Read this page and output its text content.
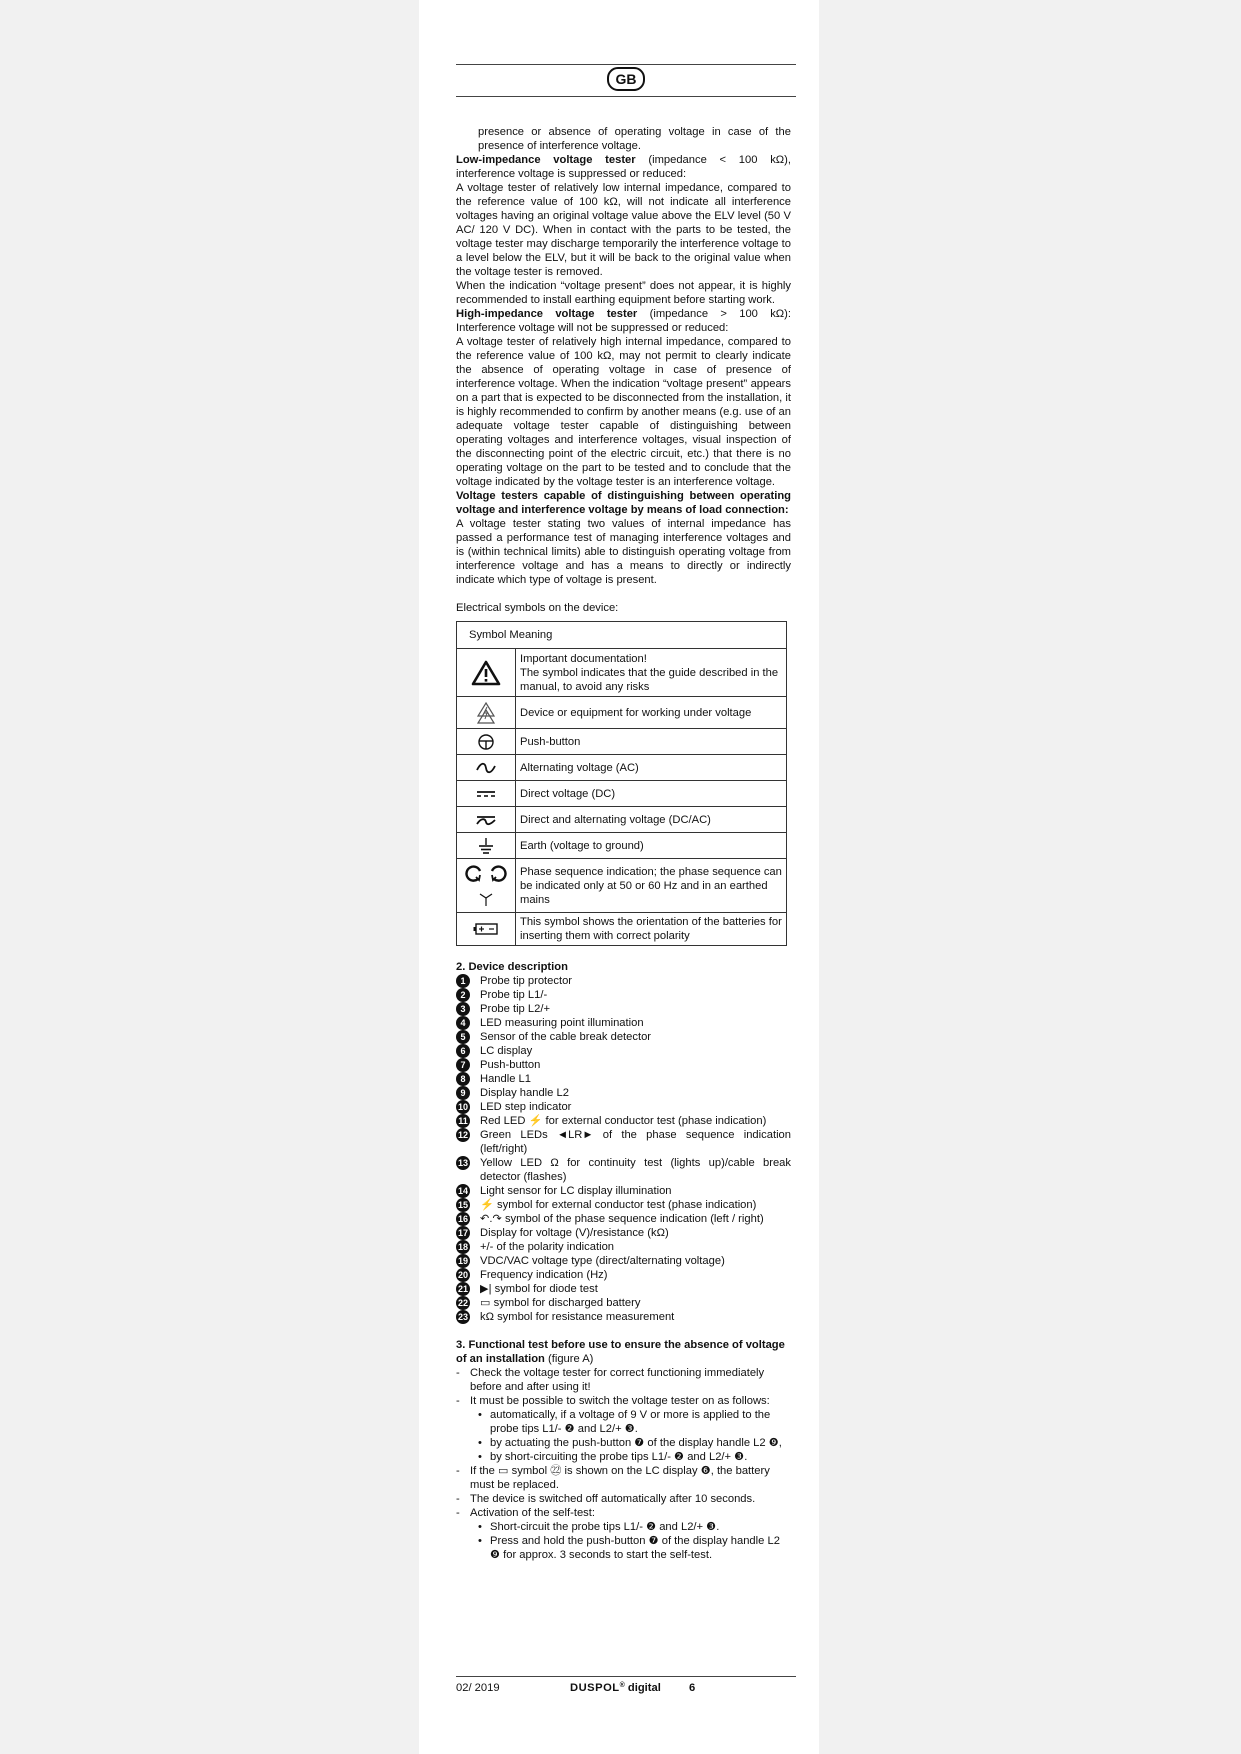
GB

presence or absence of operating voltage in case of the presence of interference voltage.

Low-impedance voltage tester (impedance < 100 kΩ), interference voltage is suppressed or reduced:

A voltage tester of relatively low internal impedance, compared to the reference value of 100 kΩ, will not indicate all interference voltages having an original voltage value above the ELV level (50 V AC/ 120 V DC). When in contact with the parts to be tested, the voltage tester may discharge temporarily the interference voltage to a level below the ELV, but it will be back to the original value when the voltage tester is removed.

When the indication “voltage present” does not appear, it is highly recommended to install earthing equipment before starting work.

High-impedance voltage tester (impedance > 100 kΩ): Interference voltage will not be suppressed or reduced:

A voltage tester of relatively high internal impedance, compared to the reference value of 100 kΩ, may not permit to clearly indicate the absence of operating voltage in case of presence of interference voltage. When the indication “voltage present” appears on a part that is expected to be disconnected from the installation, it is highly recommended to confirm by another means (e.g. use of an adequate voltage tester capable of distinguishing between operating voltages and interference voltages, visual inspection of the disconnecting point of the electric circuit, etc.) that there is no operating voltage on the part to be tested and to conclude that the voltage indicated by the voltage tester is an interference voltage.

Voltage testers capable of distinguishing between operating voltage and interference voltage by means of load connection:

A voltage tester stating two values of internal impedance has passed a performance test of managing interference voltages and is (within technical limits) able to distinguish operating voltage from interference voltage and has a means to directly or indirectly indicate which type of voltage is present.

Electrical symbols on the device:

Symbol Meaning	

	Important documentation!
The symbol indicates that the guide described in the manual, to avoid any risks

	Device or equipment for working under voltage

	Push-button

	Alternating voltage (AC)

	Direct voltage (DC)

	Direct and alternating voltage (DC/AC)

	Earth (voltage to ground)

	Phase sequence indication; the phase sequence can be indicated only at 50 or 60 Hz and in an earthed mains

	This symbol shows the orientation of the batteries for inserting them with correct polarity

2. Device description

1	Probe tip protector
2	Probe tip L1/-
3	Probe tip L2/+
4	LED measuring point illumination
5	Sensor of the cable break detector
6	LC display
7	Push-button
8	Handle L1
9	Display handle L2
10 LED step indicator
11 Red LED ⚡ for external conductor test (phase indication)
12 Green LEDs ◄LR► of the phase sequence indication (left/right)
13 Yellow LED Ω for continuity test (lights up)/cable break detector (flashes)
14 Light sensor for LC display illumination
15 ⚡ symbol for external conductor test (phase indication)
16 ↶.↷ symbol of the phase sequence indication (left / right)
17 Display for voltage (V)/resistance (kΩ)
18 +/- of the polarity indication
19 VDC/VAC voltage type (direct/alternating voltage)
20 Frequency indication (Hz)
21 ▶| symbol for diode test
22 ▭ symbol for discharged battery
23 kΩ symbol for resistance measurement
3. Functional test before use to ensure the absence of voltage of an installation (figure A)
- Check the voltage tester for correct functioning immediately before and after using it!
- It must be possible to switch the voltage tester on as follows:
• automatically, if a voltage of 9 V or more is applied to the probe tips L1/- ❷ and L2/+ ❸.
• by actuating the push-button ❼ of the display handle L2 ❾,
• by short-circuiting the probe tips L1/- ❷ and L2/+ ❸.
- If the ▭ symbol ㉒ is shown on the LC display ❻, the battery must be replaced.
- The device is switched off automatically after 10 seconds.
- Activation of the self-test:
• Short-circuit the probe tips L1/- ❷ and L2/+ ❸.
• Press and hold the push-button ❼ of the display handle L2 ❾ for approx. 3 seconds to start the self-test.
02/ 2019	DUSPOL® digital	6
